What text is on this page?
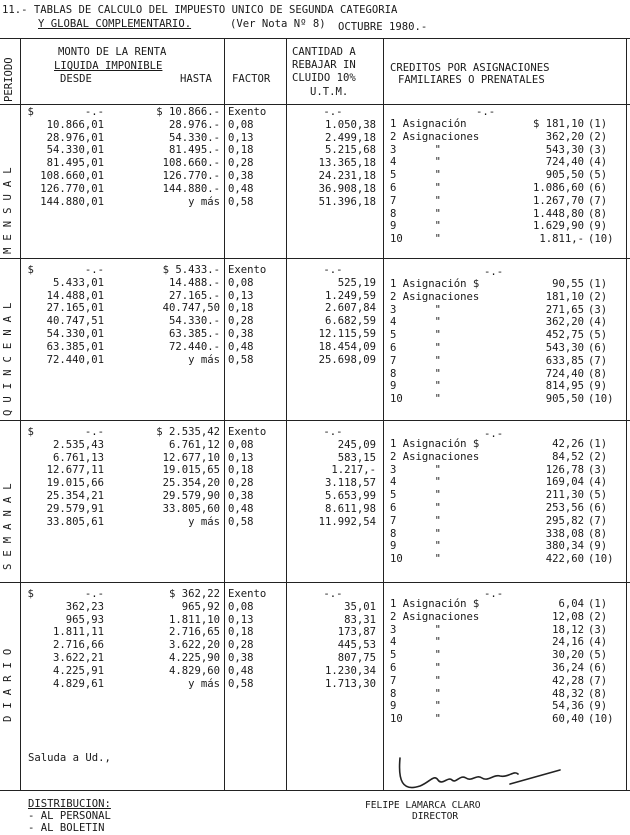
11.- TABLAS DE CALCULO DEL IMPUESTO UNICO DE SEGUNDA CATEGORIA
Y GLOBAL COMPLEMENTARIO.	(Ver Nota Nº 8) OCTUBRE 1980.-
PERIODO
MONTO DE LA RENTA
LIQUIDA IMPONIBLE
DESDE	HASTA FACTOR
CANTIDAD A
REBAJAR IN
CLUIDO 10%
U.T.M.
CREDITOS POR ASIGNACIONES
FAMILIARES O PRENATALES
MENSUAL
$        -.-
10.866,01
28.976,01
54.330,01
81.495,01
108.660,01
126.770,01
144.880,01
$ 10.866.-
28.976.-
54.330.-
81.495.-
108.660.-
126.770.-
144.880.-
y más
Exento
0,08
0,13
0,18
0,28
0,38
0,48
0,58
-.-
1.050,38
2.499,18
5.215,68
13.365,18
24.231,18
36.908,18
51.396,18
-.-
1 Asignación
2 Asignaciones
3      "
4      "
5      "
6      "
7      "
8      "
9      "
10     "
$ 181,10
362,20
543,30
724,40
905,50
1.086,60
1.267,70
1.448,80
1.629,90
1.811,-
(1)
(2)
(3)
(4)
(5)
(6)
(7)
(8)
(9)
(10)
QUINCENAL
$        -.-
5.433,01
14.488,01
27.165,01
40.747,51
54.330,01
63.385,01
72.440,01
$ 5.433.-
14.488.-
27.165.-
40.747,50
54.330.-
63.385.-
72.440.-
y más
Exento
0,08
0,13
0,18
0,28
0,38
0,48
0,58
-.-
525,19
1.249,59
2.607,84
6.682,59
12.115,59
18.454,09
25.698,09
-.-
1 Asignación $
2 Asignaciones
3      "
4      "
5      "
6      "
7      "
8      "
9      "
10     "
90,55
181,10
271,65
362,20
452,75
543,30
633,85
724,40
814,95
905,50
(1)
(2)
(3)
(4)
(5)
(6)
(7)
(8)
(9)
(10)
SEMANAL
$        -.-
2.535,43
6.761,13
12.677,11
19.015,66
25.354,21
29.579,91
33.805,61
$ 2.535,42
6.761,12
12.677,10
19.015,65
25.354,20
29.579,90
33.805,60
y más
Exento
0,08
0,13
0,18
0,28
0,38
0,48
0,58
-.-
245,09
583,15
1.217,-
3.118,57
5.653,99
8.611,98
11.992,54
-.-
1 Asignación $
2 Asignaciones
3      "
4      "
5      "
6      "
7      "
8      "
9      "
10     "
42,26
84,52
126,78
169,04
211,30
253,56
295,82
338,08
380,34
422,60
(1)
(2)
(3)
(4)
(5)
(6)
(7)
(8)
(9)
(10)
DIARIO
$        -.-
362,23
965,93
1.811,11
2.716,66
3.622,21
4.225,91
4.829,61
$ 362,22
965,92
1.811,10
2.716,65
3.622,20
4.225,90
4.829,60
y más
Exento
0,08
0,13
0,18
0,28
0,38
0,48
0,58
-.-
35,01
83,31
173,87
445,53
807,75
1.230,34
1.713,30
-.-
1 Asignación $
2 Asignaciones
3      "
4      "
5      "
6      "
7      "
8      "
9      "
10     "
6,04
12,08
18,12
24,16
30,20
36,24
42,28
48,32
54,36
60,40
(1)
(2)
(3)
(4)
(5)
(6)
(7)
(8)
(9)
(10)
Saluda a Ud.,
DISTRIBUCION:
- AL PERSONAL
- AL BOLETIN
FELIPE LAMARCA CLARO
DIRECTOR
